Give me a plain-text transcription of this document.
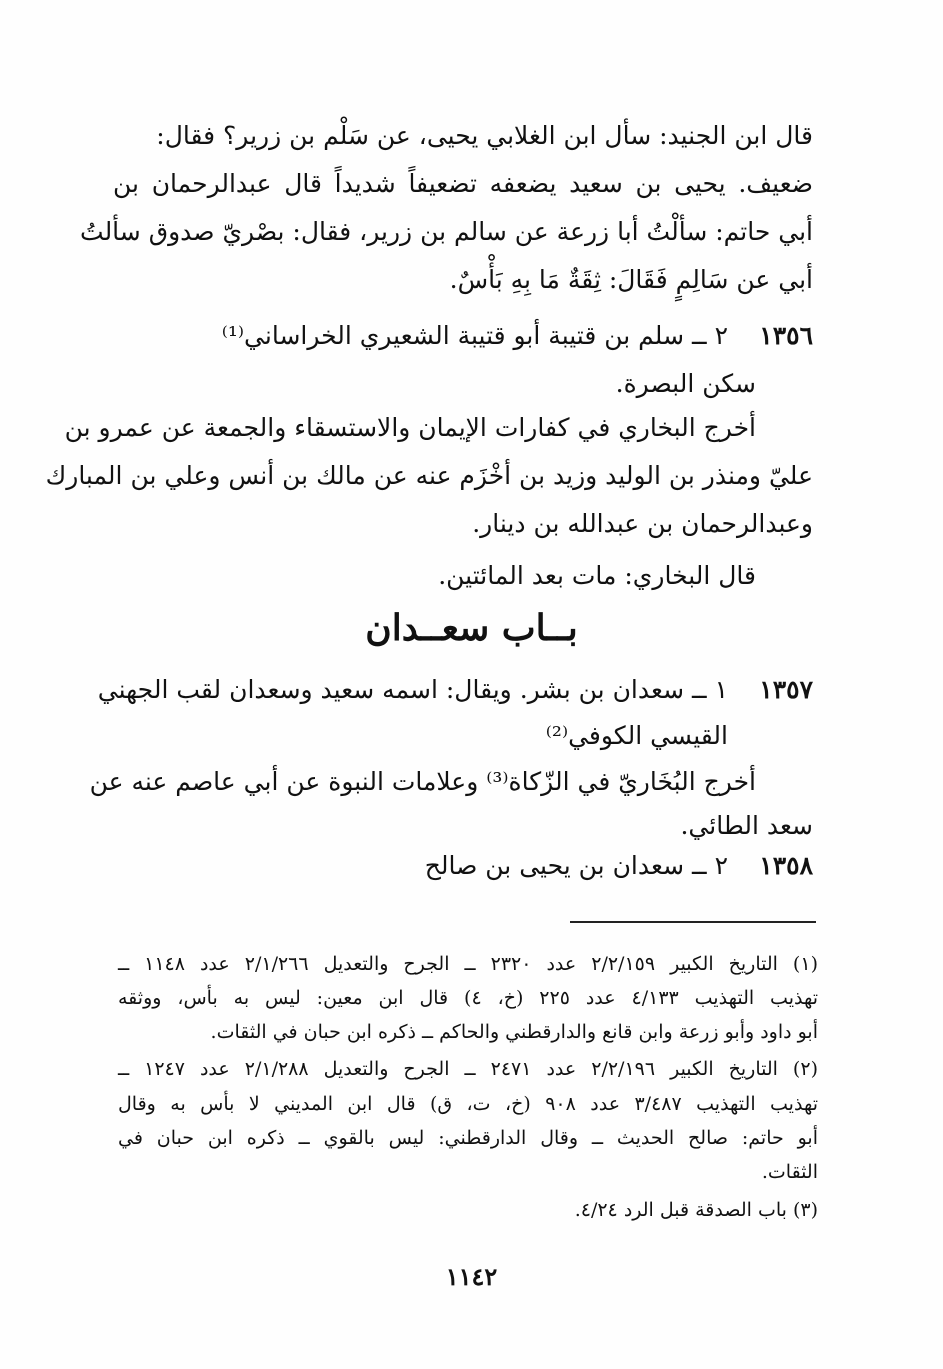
قال ابن الجنيد: سأل ابن الغلابي يحيى، عن سَلْم بن زرير؟ فقال:
ضعيف. يحيى بن سعيد يضعفه تضعيفاً شديداً قال عبدالرحمان بن
أبي حاتم: سألْتُ أبا زرعة عن سالم بن زرير، فقال: بصْريّ صدوق سألتُ
أبي عن سَالِمٍ فَقَالَ: ثِقَةٌ مَا بِهِ بَأْسٌ.
١٣٥٦
٢ ــ سلم بن قتيبة أبو قتيبة الشعيري الخراساني⁽¹⁾
سكن البصرة.
أخرج البخاري في كفارات الإيمان والاستسقاء والجمعة عن عمرو بن
عليّ ومنذر بن الوليد وزيد بن أخْزَم عنه عن مالك بن أنس وعلي بن المبارك
وعبدالرحمان بن عبدالله بن دينار.
قال البخاري: مات بعد المائتين.
بــاب سعــدان
١٣٥٧
١ ــ سعدان بن بشر. ويقال: اسمه سعيد وسعدان لقب الجهني
القيسي الكوفي⁽²⁾
أخرج البُخَاريّ في الزّكاة⁽³⁾ وعلامات النبوة عن أبي عاصم عنه عن
سعد الطائي.
١٣٥٨
٢ ــ سعدان بن يحيى بن صالح
(١) التاريخ الكبير ٢/٢/١٥٩ عدد ٢٣٢٠ ــ الجرح والتعديل ٢/١/٢٦٦ عدد ١١٤٨ ــ
تهذيب التهذيب ٤/١٣٣ عدد ٢٢٥ (خ، ٤) قال ابن معين: ليس به بأس، ووثقه
أبو داود وأبو زرعة وابن قانع والدارقطني والحاكم ــ ذكره ابن حبان في الثقات.
(٢) التاريخ الكبير ٢/٢/١٩٦ عدد ٢٤٧١ ــ الجرح والتعديل ٢/١/٢٨٨ عدد ١٢٤٧ ــ
تهذيب التهذيب ٣/٤٨٧ عدد ٩٠٨ (خ، ت، ق) قال ابن المديني لا بأس به وقال
أبو حاتم: صالح الحديث ــ وقال الدارقطني: ليس بالقوي ــ ذكره ابن حبان في
الثقات.
(٣) باب الصدقة قبل الرد ٤/٢٤.
١١٤٢
